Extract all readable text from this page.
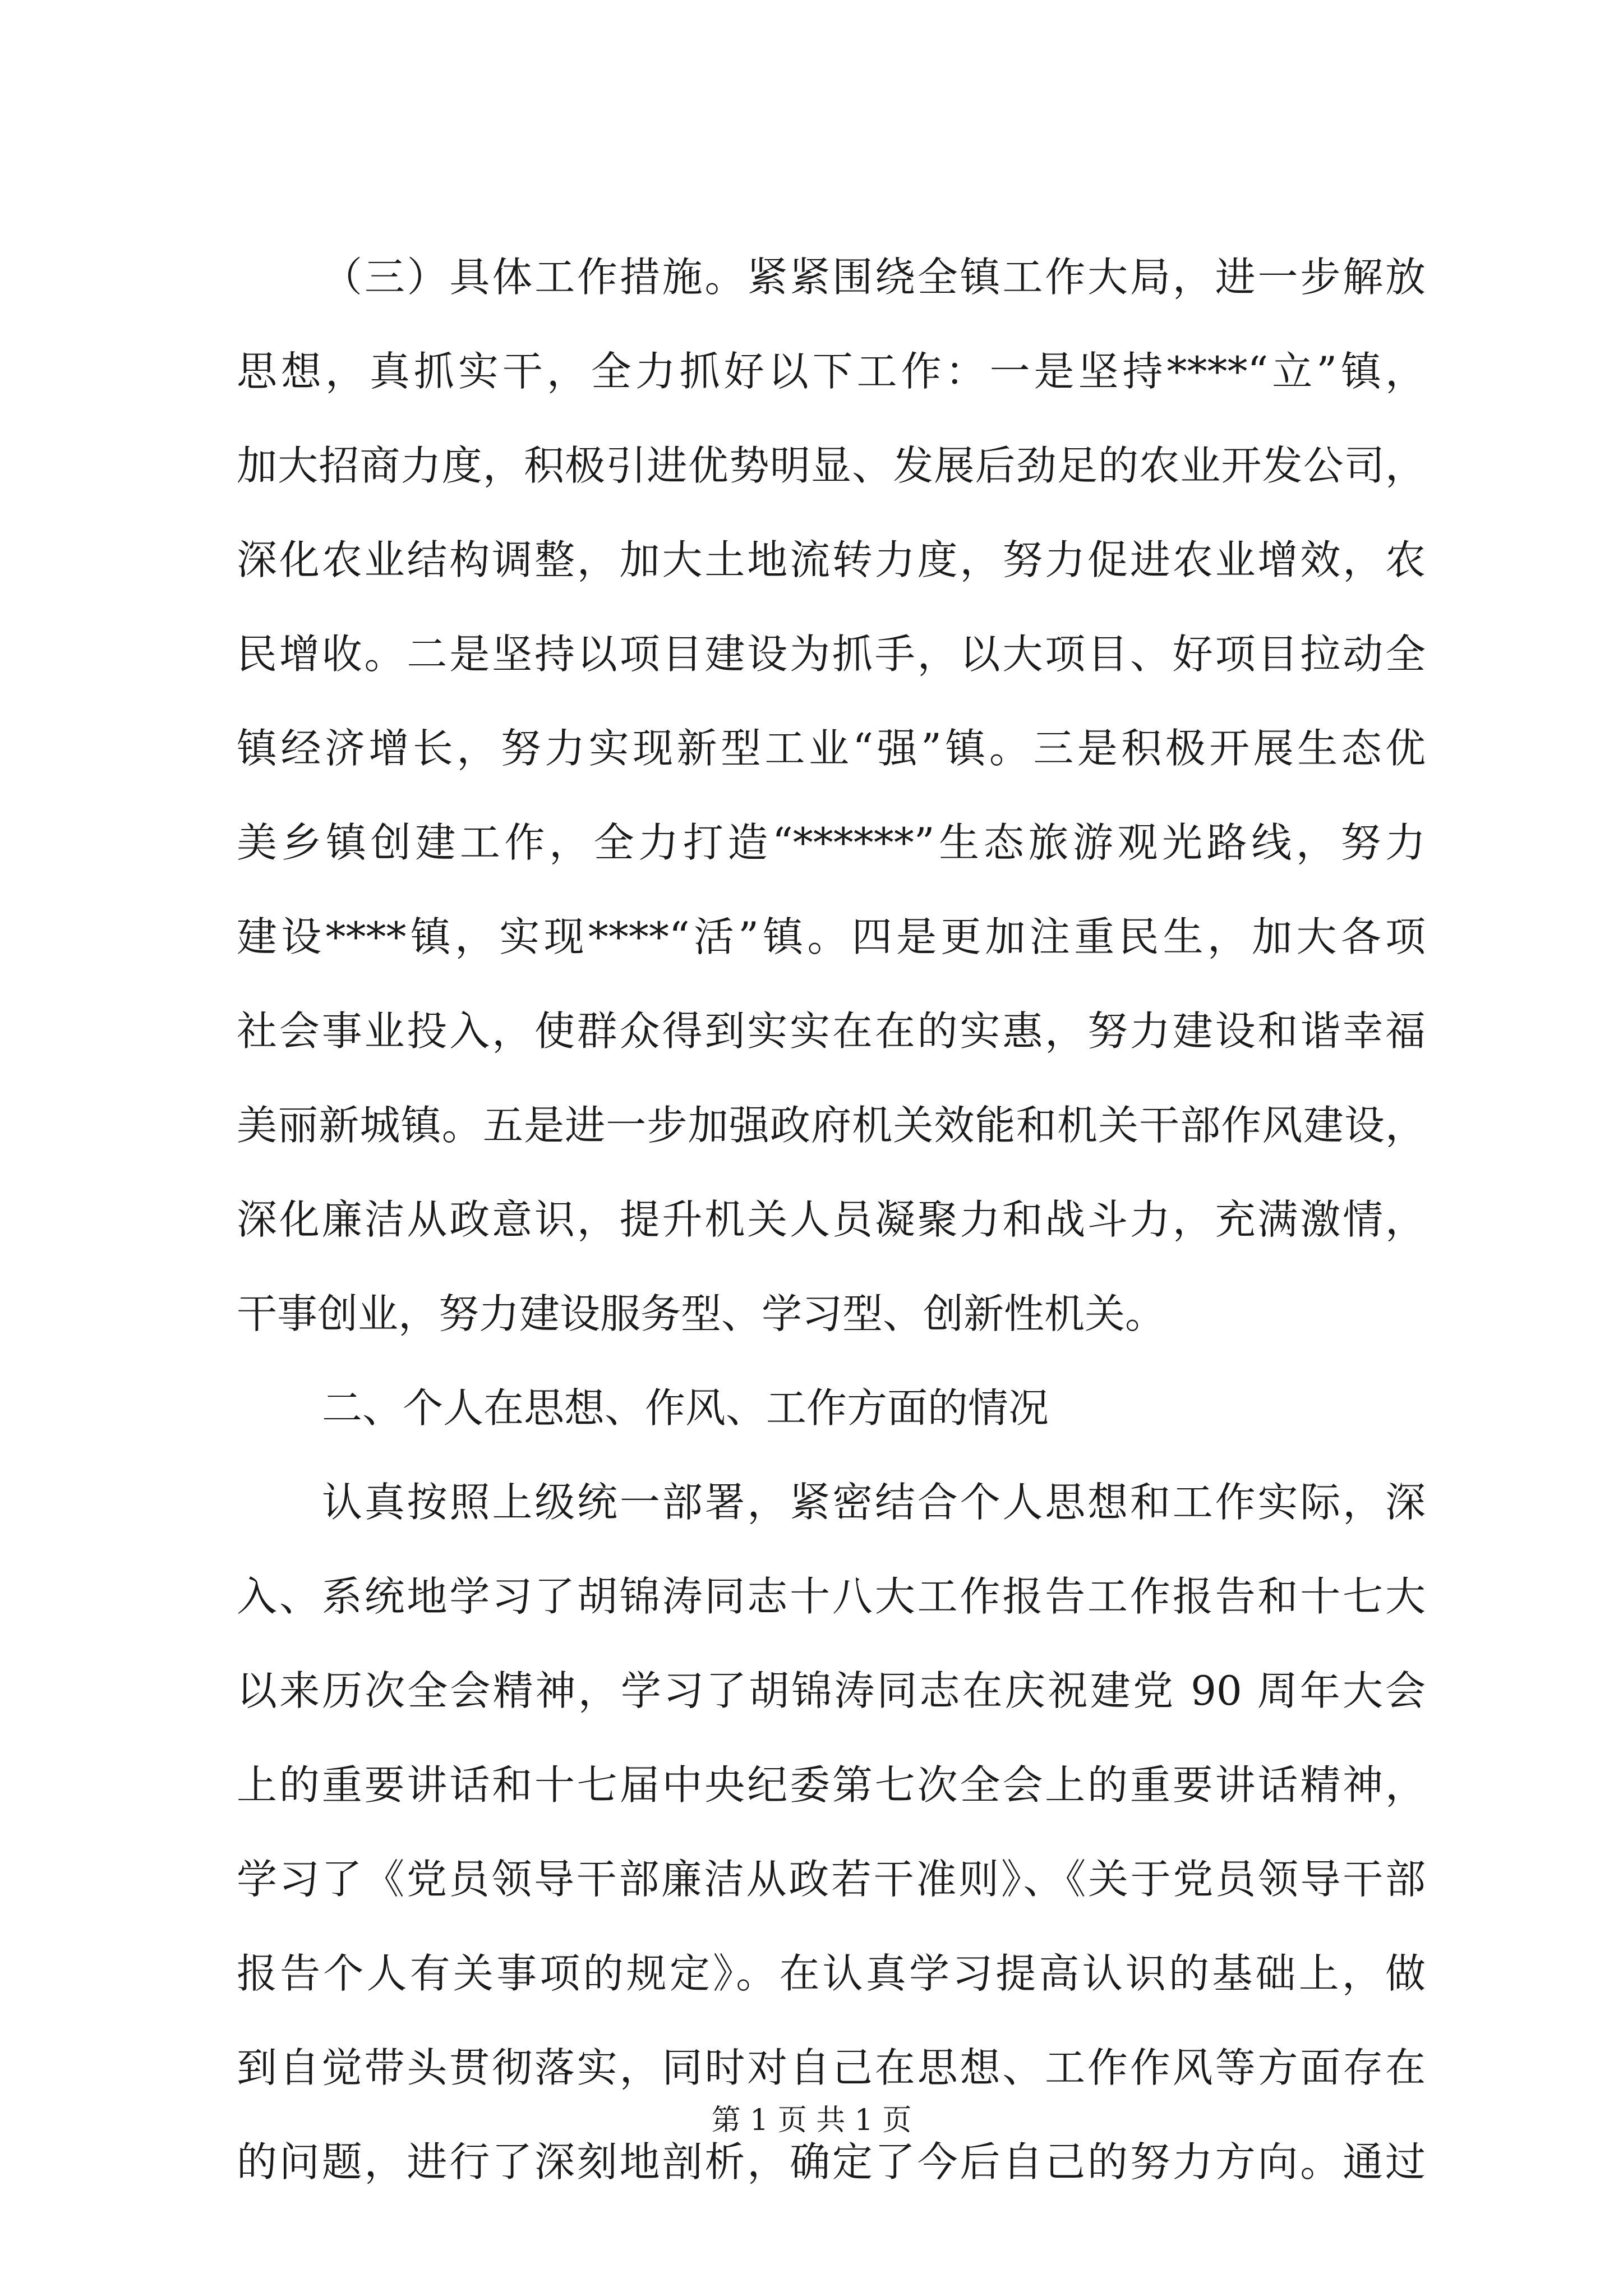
（三）具体工作措施。紧紧围绕全镇工作大局，进一步解放
思想，真抓实干，全力抓好以下工作：一是坚持****“立”镇，
加大招商力度，积极引进优势明显、发展后劲足的农业开发公司，
深化农业结构调整，加大土地流转力度，努力促进农业增效，农
民增收。二是坚持以项目建设为抓手，以大项目、好项目拉动全
镇经济增长，努力实现新型工业“强”镇。三是积极开展生态优
美乡镇创建工作，全力打造“******”生态旅游观光路线，努力
建设****镇，实现****“活”镇。四是更加注重民生，加大各项
社会事业投入，使群众得到实实在在的实惠，努力建设和谐幸福
美丽新城镇。五是进一步加强政府机关效能和机关干部作风建设，
深化廉洁从政意识，提升机关人员凝聚力和战斗力，充满激情，
干事创业，努力建设服务型、学习型、创新性机关。
二、个人在思想、作风、工作方面的情况
认真按照上级统一部署，紧密结合个人思想和工作实际，深
入、系统地学习了胡锦涛同志十八大工作报告工作报告和十七大
以来历次全会精神，学习了胡锦涛同志在庆祝建党 90 周年大会
上的重要讲话和十七届中央纪委第七次全会上的重要讲话精神，
学习了《党员领导干部廉洁从政若干准则》、《关于党员领导干部
报告个人有关事项的规定》。在认真学习提高认识的基础上，做
到自觉带头贯彻落实，同时对自己在思想、工作作风等方面存在
的问题，进行了深刻地剖析，确定了今后自己的努力方向。通过
第 1 页 共 1 页
